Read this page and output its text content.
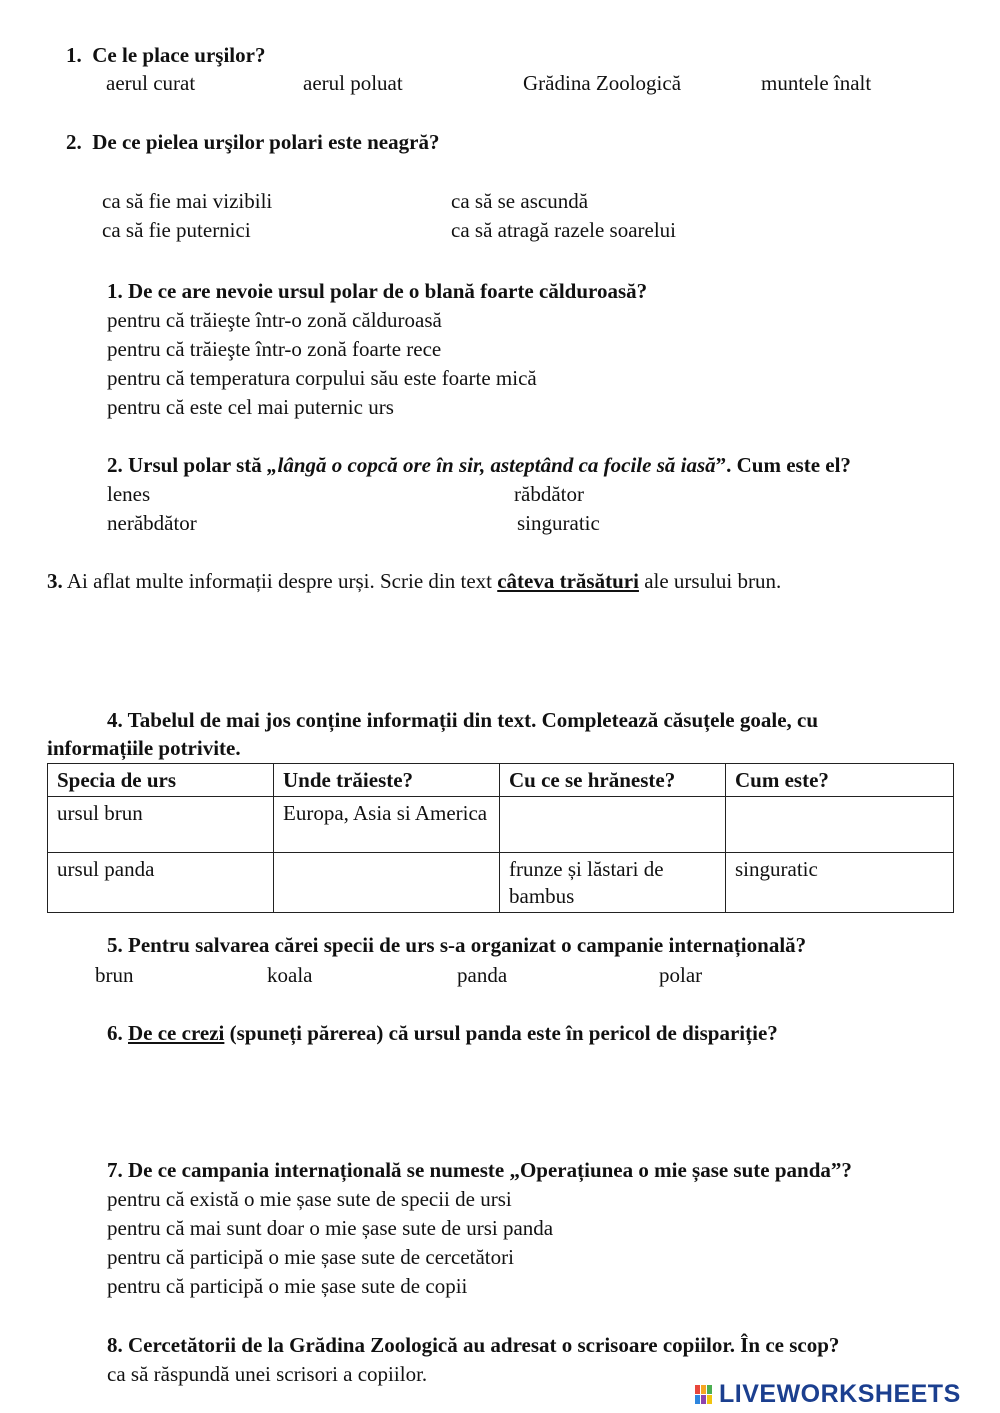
1. Ce le place urşilor?
aerul curat	aerul poluat	Grădina Zoologică	muntele înalt
2. De ce pielea urşilor polari este neagră?
ca să fie mai vizibili	ca să se ascundă
ca să fie puternici	ca să atragă razele soarelui
1. De ce are nevoie ursul polar de o blană foarte călduroasă?
pentru că trăieşte într-o zonă călduroasă
pentru că trăieşte într-o zonă foarte rece
pentru că temperatura corpului său este foarte mică
pentru că este cel mai puternic urs
2. Ursul polar stă „lângă o copcă ore în sir, asteptând ca focile să iasă”. Cum este el?
lenes	răbdător
nerăbdător	singuratic
3. Ai aflat multe informații despre urși. Scrie din text câteva trăsături ale ursului brun.
4. Tabelul de mai jos conține informații din text. Completează căsuțele goale, cu
informațiile potrivite.
Specia de urs	Unde trăieste?	Cu ce se hrăneste?	Cum este?
ursul brun	Europa, Asia si America		
ursul panda		frunze și lăstari de bambus	singuratic
5. Pentru salvarea cărei specii de urs s-a organizat o campanie internațională?
brun	koala	panda	polar
6. De ce crezi (spuneți părerea) că ursul panda este în pericol de dispariție?
7. De ce campania internațională se numeste „Operațiunea o mie șase sute panda”?
pentru că există o mie șase sute de specii de ursi
pentru că mai sunt doar o mie șase sute de ursi panda
pentru că participă o mie șase sute de cercetători
pentru că participă o mie șase sute de copii
8. Cercetătorii de la Grădina Zoologică au adresat o scrisoare copiilor. În ce scop?
ca să răspundă unei scrisori a copiilor.
LIVEWORKSHEETS
